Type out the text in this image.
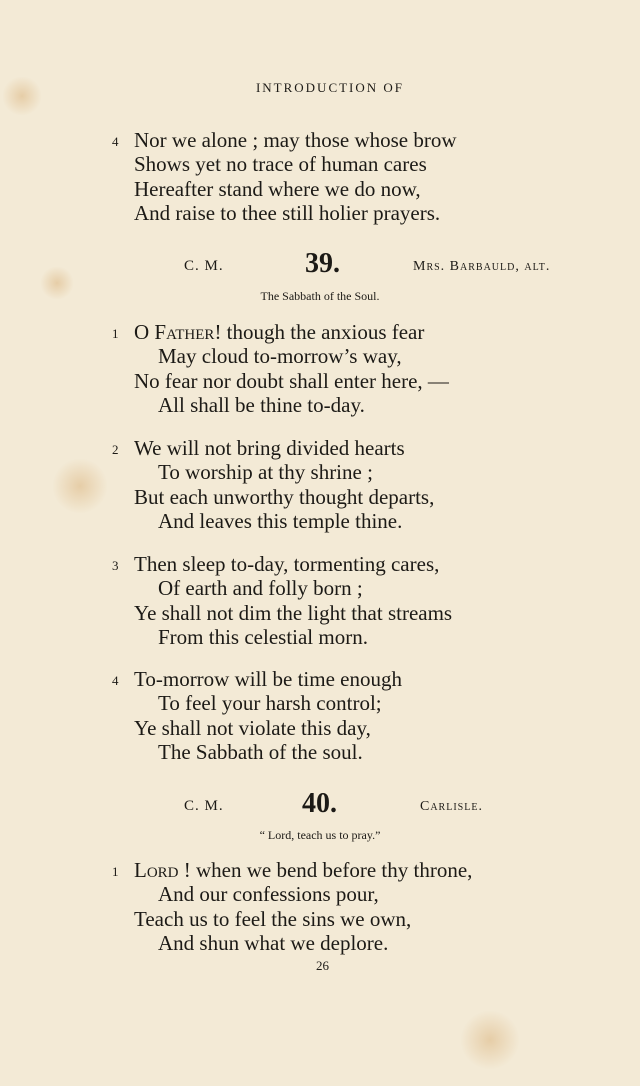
INTRODUCTION OF
4 Nor we alone ; may those whose brow
Shows yet no trace of human cares
Hereafter stand where we do now,
And raise to thee still holier prayers.
C. M.	39.	Mrs. Barbauld, alt.
The Sabbath of the Soul.
1 O Father! though the anxious fear
May cloud to-morrow’s way,
No fear nor doubt shall enter here, —
All shall be thine to-day.
2 We will not bring divided hearts
To worship at thy shrine ;
But each unworthy thought departs,
And leaves this temple thine.
3 Then sleep to-day, tormenting cares,
Of earth and folly born ;
Ye shall not dim the light that streams
From this celestial morn.
4 To-morrow will be time enough
To feel your harsh control;
Ye shall not violate this day,
The Sabbath of the soul.
C. M.	40.	Carlisle.
“ Lord, teach us to pray.”
1 Lord ! when we bend before thy throne,
And our confessions pour,
Teach us to feel the sins we own,
And shun what we deplore.
26
